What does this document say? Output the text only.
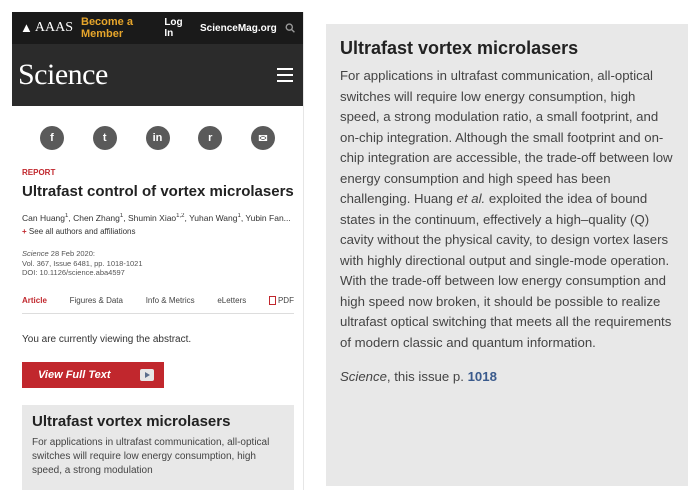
▲ AAAS Become a Member
Log In	ScienceMag.org
Science
f	t	in	r	✉
REPORT
Ultrafast control of vortex microlasers
Can Huang$^1$, Chen Zhang$^1$, Shumin Xiao$^{1,2}$, Yuhan Wang$^1$, Yubin Fan...
+ See all authors and affiliations
Science 28 Feb 2020:
Vol. 367, Issue 6481, pp. 1018-1021
DOI: 10.1126/science.aba4597
Article	Figures & Data	Info & Metrics	eLetters	PDF

You are currently viewing the abstract.

View Full Text
Ultrafast vortex microlasers

For applications in ultrafast communication, all-optical switches will require low energy consumption, high speed, a strong modulation

Ultrafast vortex microlasers

For applications in ultrafast communication, all-optical switches will require low energy consumption, high speed, a strong modulation ratio, a small footprint, and on-chip integration. Although the small footprint and on-chip integration are accessible, the trade-off between low energy consumption and high speed has been challenging. Huang et al. exploited the idea of bound states in the continuum, effectively a high–quality (Q) cavity without the physical cavity, to design vortex lasers with highly directional output and single-mode operation. With the trade-off between low energy consumption and high speed now broken, it should be possible to realize ultrafast optical switching that meets all the requirements of modern classic and quantum information.

Science, this issue p. 1018
